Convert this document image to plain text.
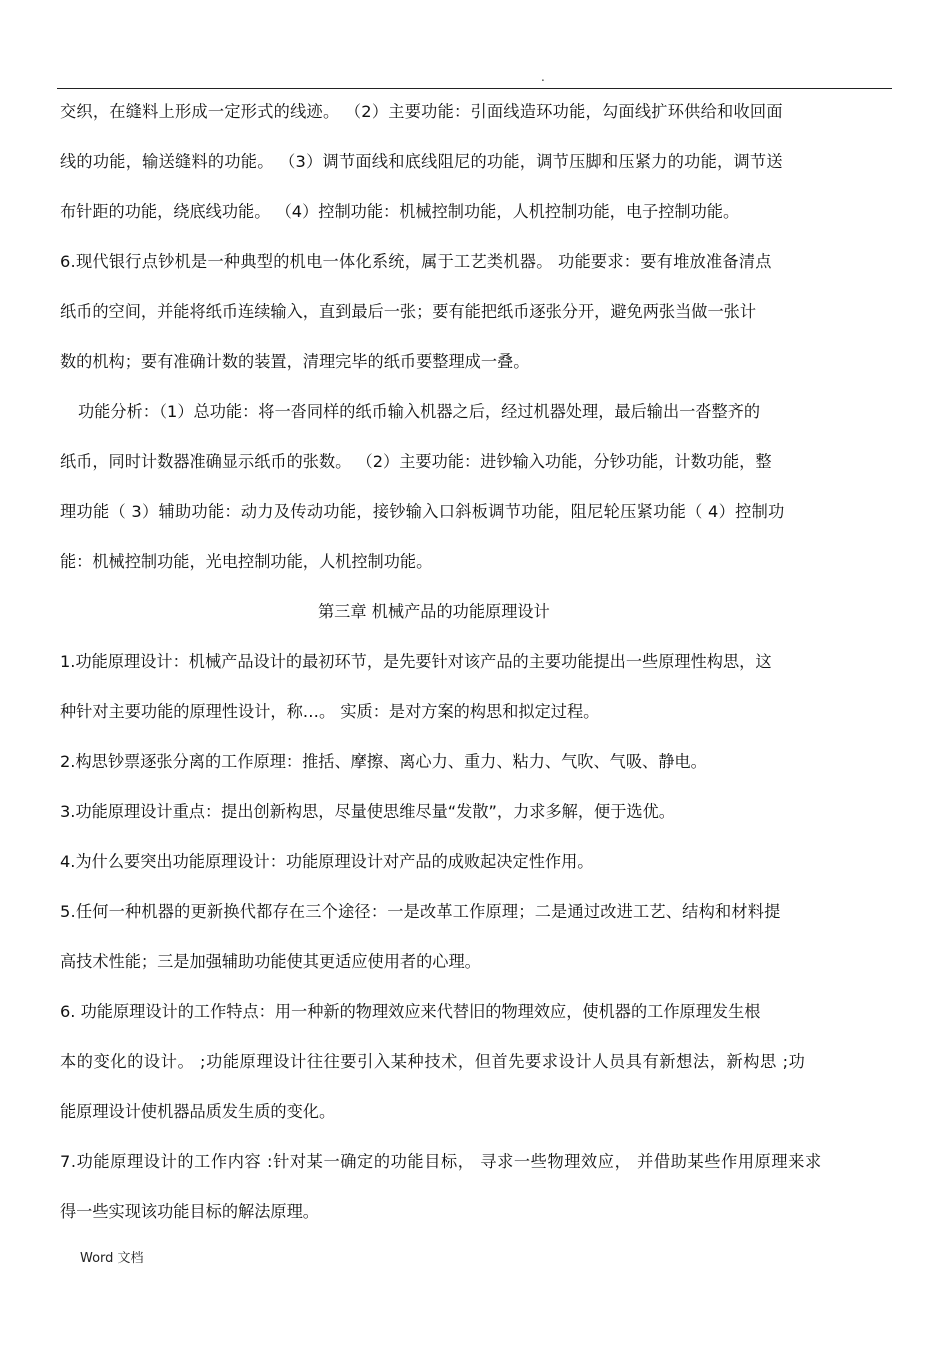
.
交织，在缝料上形成一定形式的线迹。 （2）主要功能：引面线造环功能，勾面线扩环供给和收回面
线的功能，输送缝料的功能。 （3）调节面线和底线阻尼的功能，调节压脚和压紧力的功能，调节送
布针距的功能，绕底线功能。 （4）控制功能：机械控制功能，人机控制功能，电子控制功能。
6.现代银行点钞机是一种典型的机电一体化系统，属于工艺类机器。 功能要求：要有堆放准备清点
纸币的空间，并能将纸币连续输入，直到最后一张；要有能把纸币逐张分开，避免两张当做一张计
数的机构；要有准确计数的装置，清理完毕的纸币要整理成一叠。
功能分析：（1）总功能：将一沓同样的纸币输入机器之后，经过机器处理，最后输出一沓整齐的
纸币，同时计数器准确显示纸币的张数。 （2）主要功能：进钞输入功能，分钞功能，计数功能，整
理功能（ 3）辅助功能：动力及传动功能，接钞输入口斜板调节功能，阻尼轮压紧功能（ 4）控制功
能：机械控制功能，光电控制功能，人机控制功能。
第三章 机械产品的功能原理设计
1.功能原理设计：机械产品设计的最初环节，是先要针对该产品的主要功能提出一些原理性构思，这
种针对主要功能的原理性设计，称…。 实质：是对方案的构思和拟定过程。
2.构思钞票逐张分离的工作原理：推括、摩擦、离心力、重力、粘力、气吹、气吸、静电。
3.功能原理设计重点：提出创新构思，尽量使思维尽量“发散”，力求多解，便于选优。
4.为什么要突出功能原理设计：功能原理设计对产品的成败起决定性作用。
5.任何一种机器的更新换代都存在三个途径：一是改革工作原理；二是通过改进工艺、结构和材料提
高技术性能；三是加强辅助功能使其更适应使用者的心理。
6. 功能原理设计的工作特点：用一种新的物理效应来代替旧的物理效应，使机器的工作原理发生根
本的变化的设计。 ;功能原理设计往往要引入某种技术，但首先要求设计人员具有新想法，新构思 ;功
能原理设计使机器品质发生质的变化。
7.功能原理设计的工作内容 :针对某一确定的功能目标， 寻求一些物理效应， 并借助某些作用原理来求
得一些实现该功能目标的解法原理。
Word 文档
